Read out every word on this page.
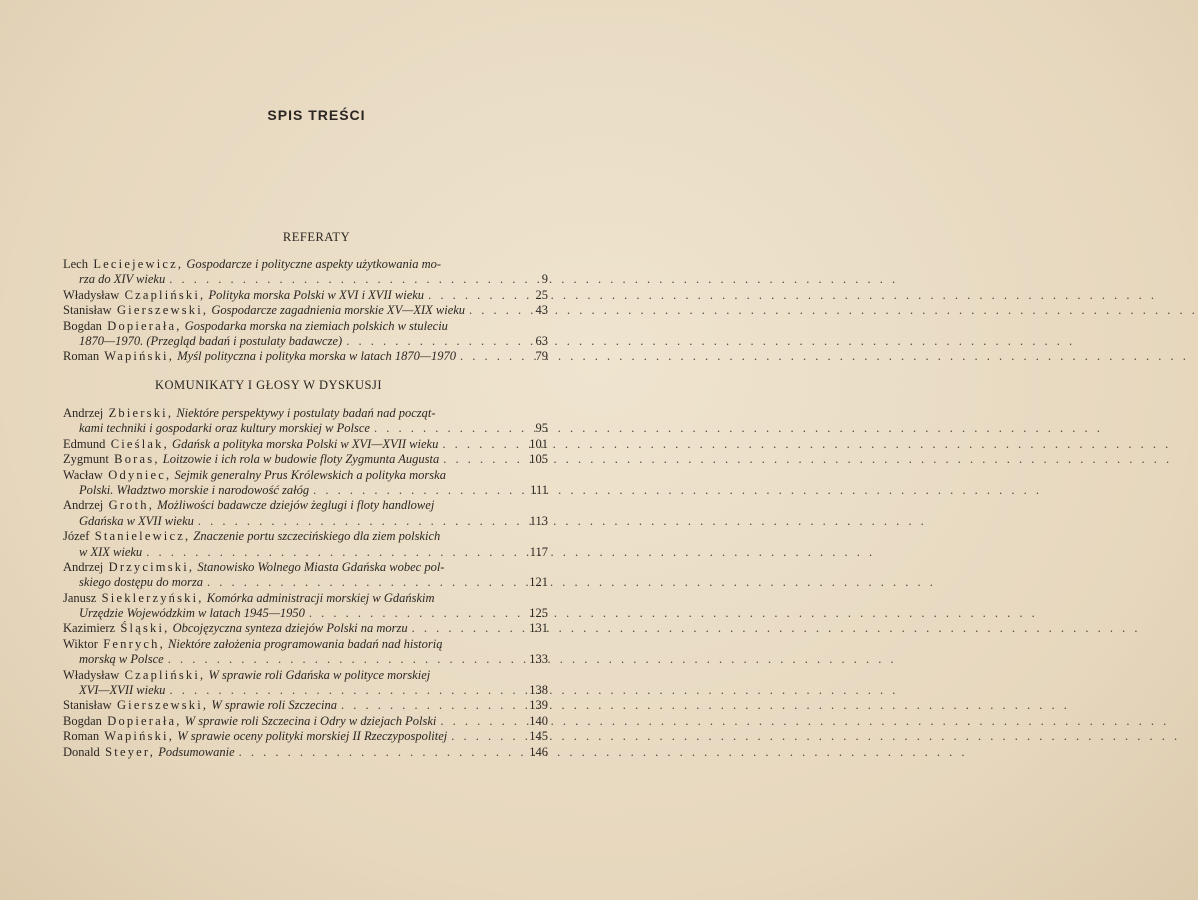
SPIS TREŚCI
REFERATY
Lech Leciejewicz, Gospodarcze i polityczne aspekty użytkowania mo-
rza do XIV wieku . . .	9
Władysław Czapliński, Polityka morska Polski w XVI i XVII wieku . . .	25
Stanisław Gierszewski, Gospodarcze zagadnienia morskie XV—XIX wieku . . .	43
Bogdan Dopierała, Gospodarka morska na ziemiach polskich w stuleciu
1870—1970. (Przegląd badań i postulaty badawcze) . . .	63
Roman Wapiński, Myśl polityczna i polityka morska w latach 1870—1970 . . .	79
KOMUNIKATY I GŁOSY W DYSKUSJI
Andrzej Zbierski, Niektóre perspektywy i postulaty badań nad począt-
kami techniki i gospodarki oraz kultury morskiej w Polsce . . .	95
Edmund Cieślak, Gdańsk a polityka morska Polski w XVI—XVII wieku . . .	101
Zygmunt Boras, Loitzowie i ich rola w budowie floty Zygmunta Augusta . . .	105
Wacław Odyniec, Sejmik generalny Prus Królewskich a polityka morska
Polski. Władztwo morskie i narodowość załóg . . .	111
Andrzej Groth, Możliwości badawcze dziejów żeglugi i floty handlowej
Gdańska w XVII wieku . . .	113
Józef Stanielewicz, Znaczenie portu szczecińskiego dla ziem polskich
w XIX wieku . . .	117
Andrzej Drzycimski, Stanowisko Wolnego Miasta Gdańska wobec pol-
skiego dostępu do morza . . .	121
Janusz Sieklerzyński, Komórka administracji morskiej w Gdańskim
Urzędzie Wojewódzkim w latach 1945—1950 . . .	125
Kazimierz Śląski, Obcojęzyczna synteza dziejów Polski na morzu . . .	131
Wiktor Fenrych, Niektóre założenia programowania badań nad historią
morską w Polsce . . .	133
Władysław Czapliński, W sprawie roli Gdańska w polityce morskiej
XVI—XVII wieku . . .	138
Stanisław Gierszewski, W sprawie roli Szczecina . . .	139
Bogdan Dopierała, W sprawie roli Szczecina i Odry w dziejach Polski . . .	140
Roman Wapiński, W sprawie oceny polityki morskiej II Rzeczypospolitej . . .	145
Donald Steyer, Podsumowanie . . .	146
